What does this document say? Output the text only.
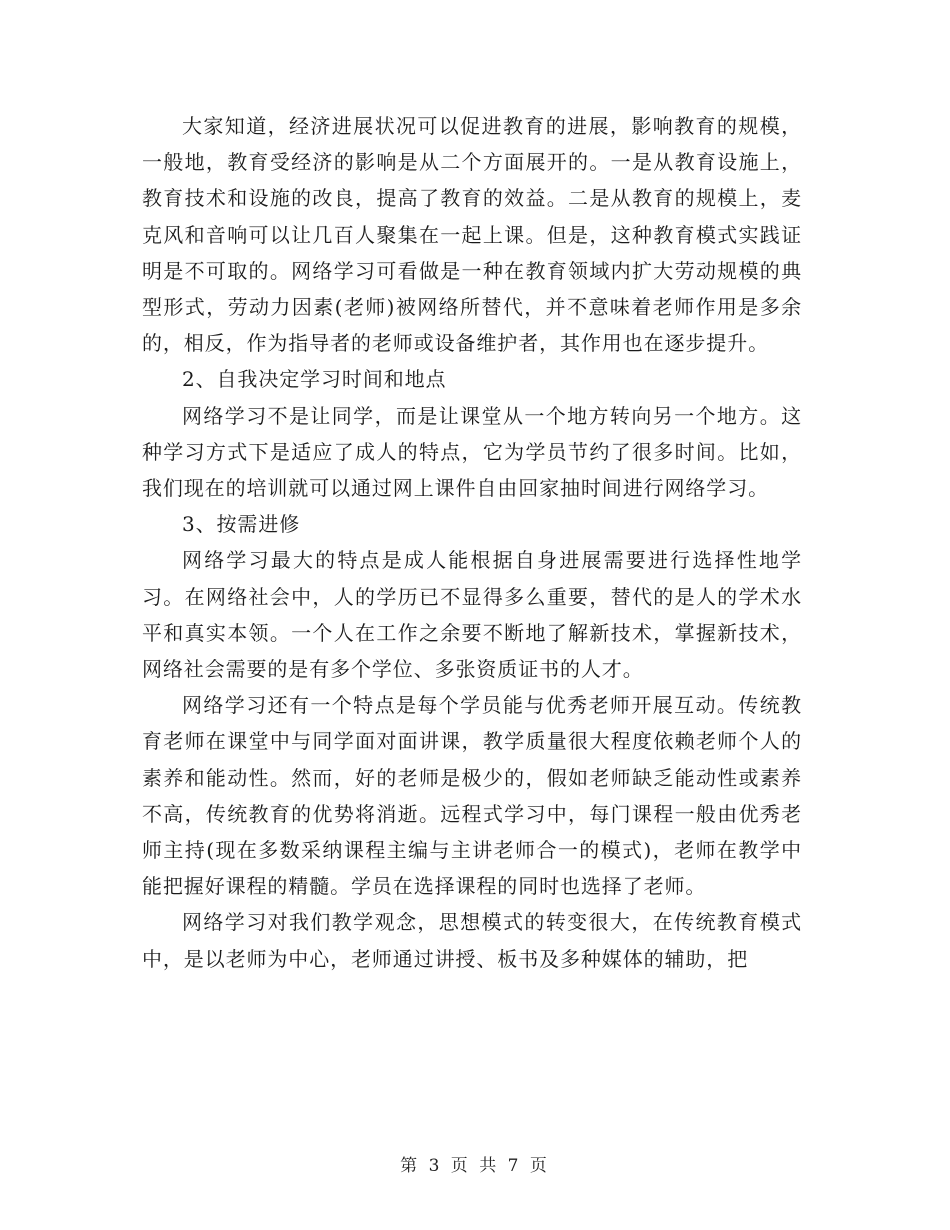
大家知道，经济进展状况可以促进教育的进展，影响教育的规模，一般地，教育受经济的影响是从二个方面展开的。一是从教育设施上，教育技术和设施的改良，提高了教育的效益。二是从教育的规模上，麦克风和音响可以让几百人聚集在一起上课。但是，这种教育模式实践证明是不可取的。网络学习可看做是一种在教育领域内扩大劳动规模的典型形式，劳动力因素(老师)被网络所替代，并不意味着老师作用是多余的，相反，作为指导者的老师或设备维护者，其作用也在逐步提升。

2、自我决定学习时间和地点

网络学习不是让同学，而是让课堂从一个地方转向另一个地方。这种学习方式下是适应了成人的特点，它为学员节约了很多时间。比如，我们现在的培训就可以通过网上课件自由回家抽时间进行网络学习。

3、按需进修

网络学习最大的特点是成人能根据自身进展需要进行选择性地学习。在网络社会中，人的学历已不显得多么重要，替代的是人的学术水平和真实本领。一个人在工作之余要不断地了解新技术，掌握新技术，网络社会需要的是有多个学位、多张资质证书的人才。

网络学习还有一个特点是每个学员能与优秀老师开展互动。传统教育老师在课堂中与同学面对面讲课，教学质量很大程度依赖老师个人的素养和能动性。然而，好的老师是极少的，假如老师缺乏能动性或素养不高，传统教育的优势将消逝。远程式学习中，每门课程一般由优秀老师主持(现在多数采纳课程主编与主讲老师合一的模式)，老师在教学中能把握好课程的精髓。学员在选择课程的同时也选择了老师。

网络学习对我们教学观念，思想模式的转变很大，在传统教育模式中，是以老师为中心，老师通过讲授、板书及多种媒体的辅助，把

第 3 页 共 7 页
